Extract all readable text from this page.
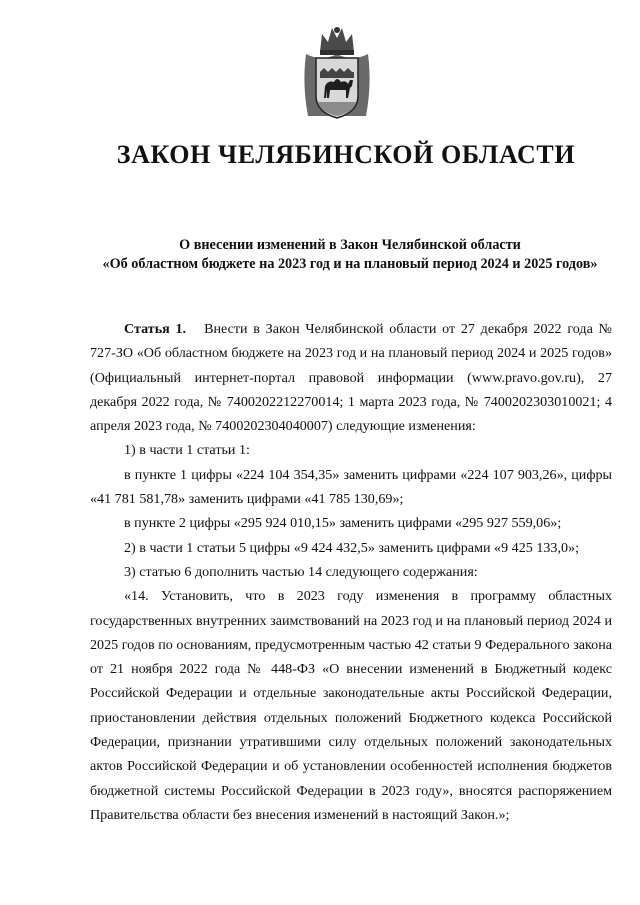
ЗАКОН ЧЕЛЯБИНСКОЙ ОБЛАСТИ
О внесении изменений в Закон Челябинской области
«Об областном бюджете на 2023 год и на плановый период 2024 и 2025 годов»

Статья 1. Внести в Закон Челябинской области от 27 декабря 2022 года № 727-ЗО «Об областном бюджете на 2023 год и на плановый период 2024 и 2025 годов» (Официальный интернет-портал правовой информации (www.pravo.gov.ru), 27 декабря 2022 года, № 7400202212270014; 1 марта 2023 года, № 7400202303010021; 4 апреля 2023 года, № 7400202304040007) следующие изменения:

1) в части 1 статьи 1:

в пункте 1 цифры «224 104 354,35» заменить цифрами «224 107 903,26», цифры «41 781 581,78» заменить цифрами «41 785 130,69»;

в пункте 2 цифры «295 924 010,15» заменить цифрами «295 927 559,06»;

2) в части 1 статьи 5 цифры «9 424 432,5» заменить цифрами «9 425 133,0»;

3) статью 6 дополнить частью 14 следующего содержания:

«14. Установить, что в 2023 году изменения в программу областных государственных внутренних заимствований на 2023 год и на плановый период 2024 и 2025 годов по основаниям, предусмотренным частью 42 статьи 9 Федерального закона от 21 ноября 2022 года № 448-ФЗ «О внесении изменений в Бюджетный кодекс Российской Федерации и отдельные законодательные акты Российской Федерации, приостановлении действия отдельных положений Бюджетного кодекса Российской Федерации, признании утратившими силу отдельных положений законодательных актов Российской Федерации и об установлении особенностей исполнения бюджетов бюджетной системы Российской Федерации в 2023 году», вносятся распоряжением Правительства области без внесения изменений в настоящий Закон.»;
